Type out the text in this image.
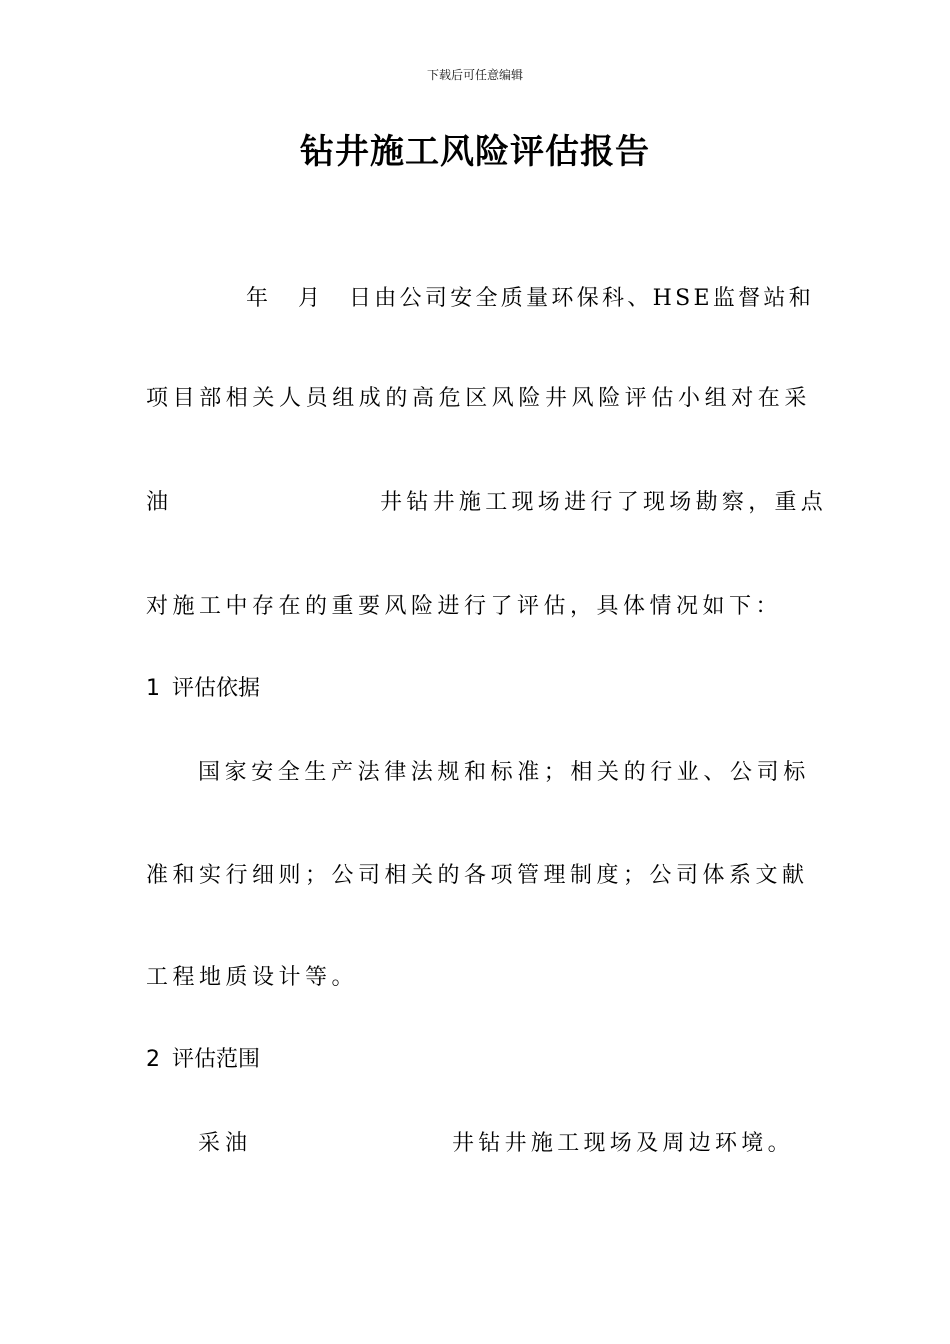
下载后可任意编辑
钻井施工风险评估报告
年 月 日由公司安全质量环保科、HSE监督站和
项目部相关人员组成的高危区风险井风险评估小组对在采
油	井钻井施工现场进行了现场勘察，重点
对施工中存在的重要风险进行了评估，具体情况如下：
1 评估依据
国家安全生产法律法规和标准；相关的行业、公司标
准和实行细则；公司相关的各项管理制度；公司体系文献
工程地质设计等。
2 评估范围
采油	井钻井施工现场及周边环境。
